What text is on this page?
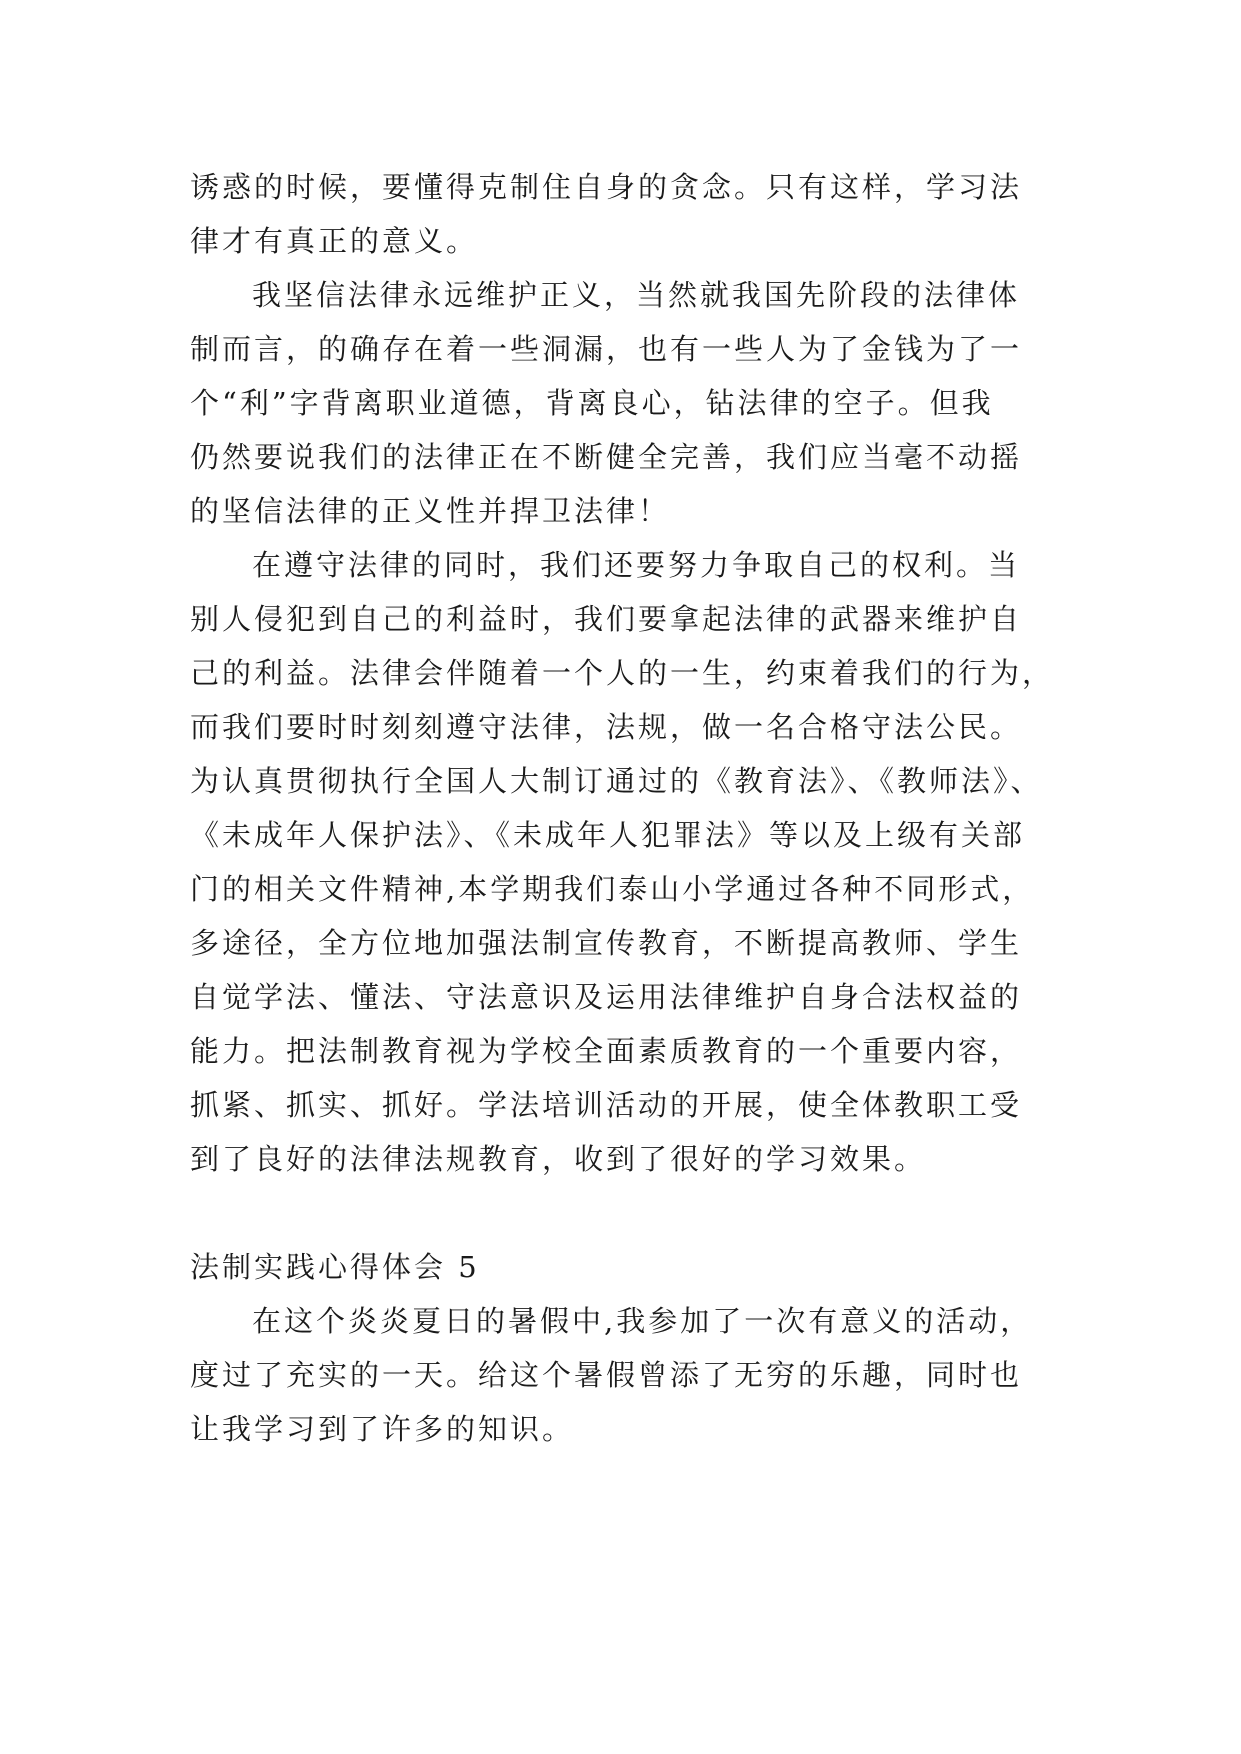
诱惑的时候，要懂得克制住自身的贪念。只有这样，学习法
律才有真正的意义。
我坚信法律永远维护正义，当然就我国先阶段的法律体
制而言，的确存在着一些洞漏，也有一些人为了金钱为了一
个“利”字背离职业道德，背离良心，钻法律的空子。但我
仍然要说我们的法律正在不断健全完善，我们应当毫不动摇
的坚信法律的正义性并捍卫法律！
在遵守法律的同时，我们还要努力争取自己的权利。当
别人侵犯到自己的利益时，我们要拿起法律的武器来维护自
己的利益。法律会伴随着一个人的一生，约束着我们的行为，
而我们要时时刻刻遵守法律，法规，做一名合格守法公民。
为认真贯彻执行全国人大制订通过的《教育法》、《教师法》、
《未成年人保护法》、《未成年人犯罪法》等以及上级有关部
门的相关文件精神,本学期我们泰山小学通过各种不同形式，
多途径，全方位地加强法制宣传教育，不断提高教师、学生
自觉学法、懂法、守法意识及运用法律维护自身合法权益的
能力。把法制教育视为学校全面素质教育的一个重要内容，
抓紧、抓实、抓好。学法培训活动的开展，使全体教职工受
到了良好的法律法规教育，收到了很好的学习效果。
法制实践心得体会 5
在这个炎炎夏日的暑假中,我参加了一次有意义的活动，
度过了充实的一天。给这个暑假曾添了无穷的乐趣，同时也
让我学习到了许多的知识。
